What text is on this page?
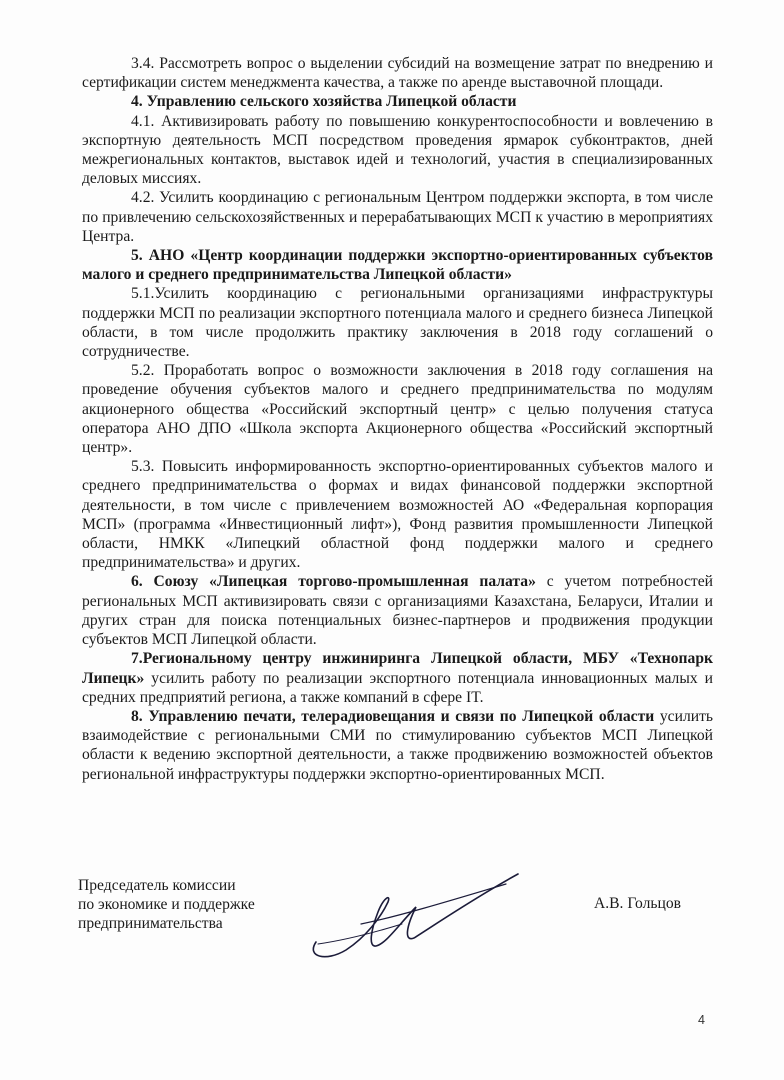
3.4. Рассмотреть вопрос о выделении субсидий на возмещение затрат по внедрению и сертификации систем менеджмента качества, а также по аренде выставочной площади.

4. Управлению сельского хозяйства Липецкой области

4.1. Активизировать работу по повышению конкурентоспособности и вовлечению в экспортную деятельность МСП посредством проведения ярмарок субконтрактов, дней межрегиональных контактов, выставок идей и технологий, участия в специализированных деловых миссиях.

4.2. Усилить координацию с региональным Центром поддержки экспорта, в том числе по привлечению сельскохозяйственных и перерабатывающих МСП к участию в мероприятиях Центра.

5. АНО «Центр координации поддержки экспортно-ориентированных субъектов малого и среднего предпринимательства Липецкой области»

5.1.Усилить координацию с региональными организациями инфраструктуры поддержки МСП по реализации экспортного потенциала малого и среднего бизнеса Липецкой области, в том числе продолжить практику заключения в 2018 году соглашений о сотрудничестве.

5.2. Проработать вопрос о возможности заключения в 2018 году соглашения на проведение обучения субъектов малого и среднего предпринимательства по модулям акционерного общества «Российский экспортный центр» с целью получения статуса оператора АНО ДПО «Школа экспорта Акционерного общества «Российский экспортный центр».

5.3. Повысить информированность экспортно-ориентированных субъектов малого и среднего предпринимательства о формах и видах финансовой поддержки экспортной деятельности, в том числе с привлечением возможностей АО «Федеральная корпорация МСП» (программа «Инвестиционный лифт»), Фонд развития промышленности Липецкой области, НМКК «Липецкий областной фонд поддержки малого и среднего предпринимательства» и других.

6. Союзу «Липецкая торгово-промышленная палата» с учетом потребностей региональных МСП активизировать связи с организациями Казахстана, Беларуси, Италии и других стран для поиска потенциальных бизнес-партнеров и продвижения продукции субъектов МСП Липецкой области.

7.Региональному центру инжиниринга Липецкой области, МБУ «Технопарк Липецк» усилить работу по реализации экспортного потенциала инновационных малых и средних предприятий региона, а также компаний в сфере IT.

8. Управлению печати, телерадиовещания и связи по Липецкой области усилить взаимодействие с региональными СМИ по стимулированию субъектов МСП Липецкой области к ведению экспортной деятельности, а также продвижению возможностей объектов региональной инфраструктуры поддержки экспортно-ориентированных МСП.

Председатель комиссии
по экономике и поддержке
предпринимательства
А.В. Гольцов
4
